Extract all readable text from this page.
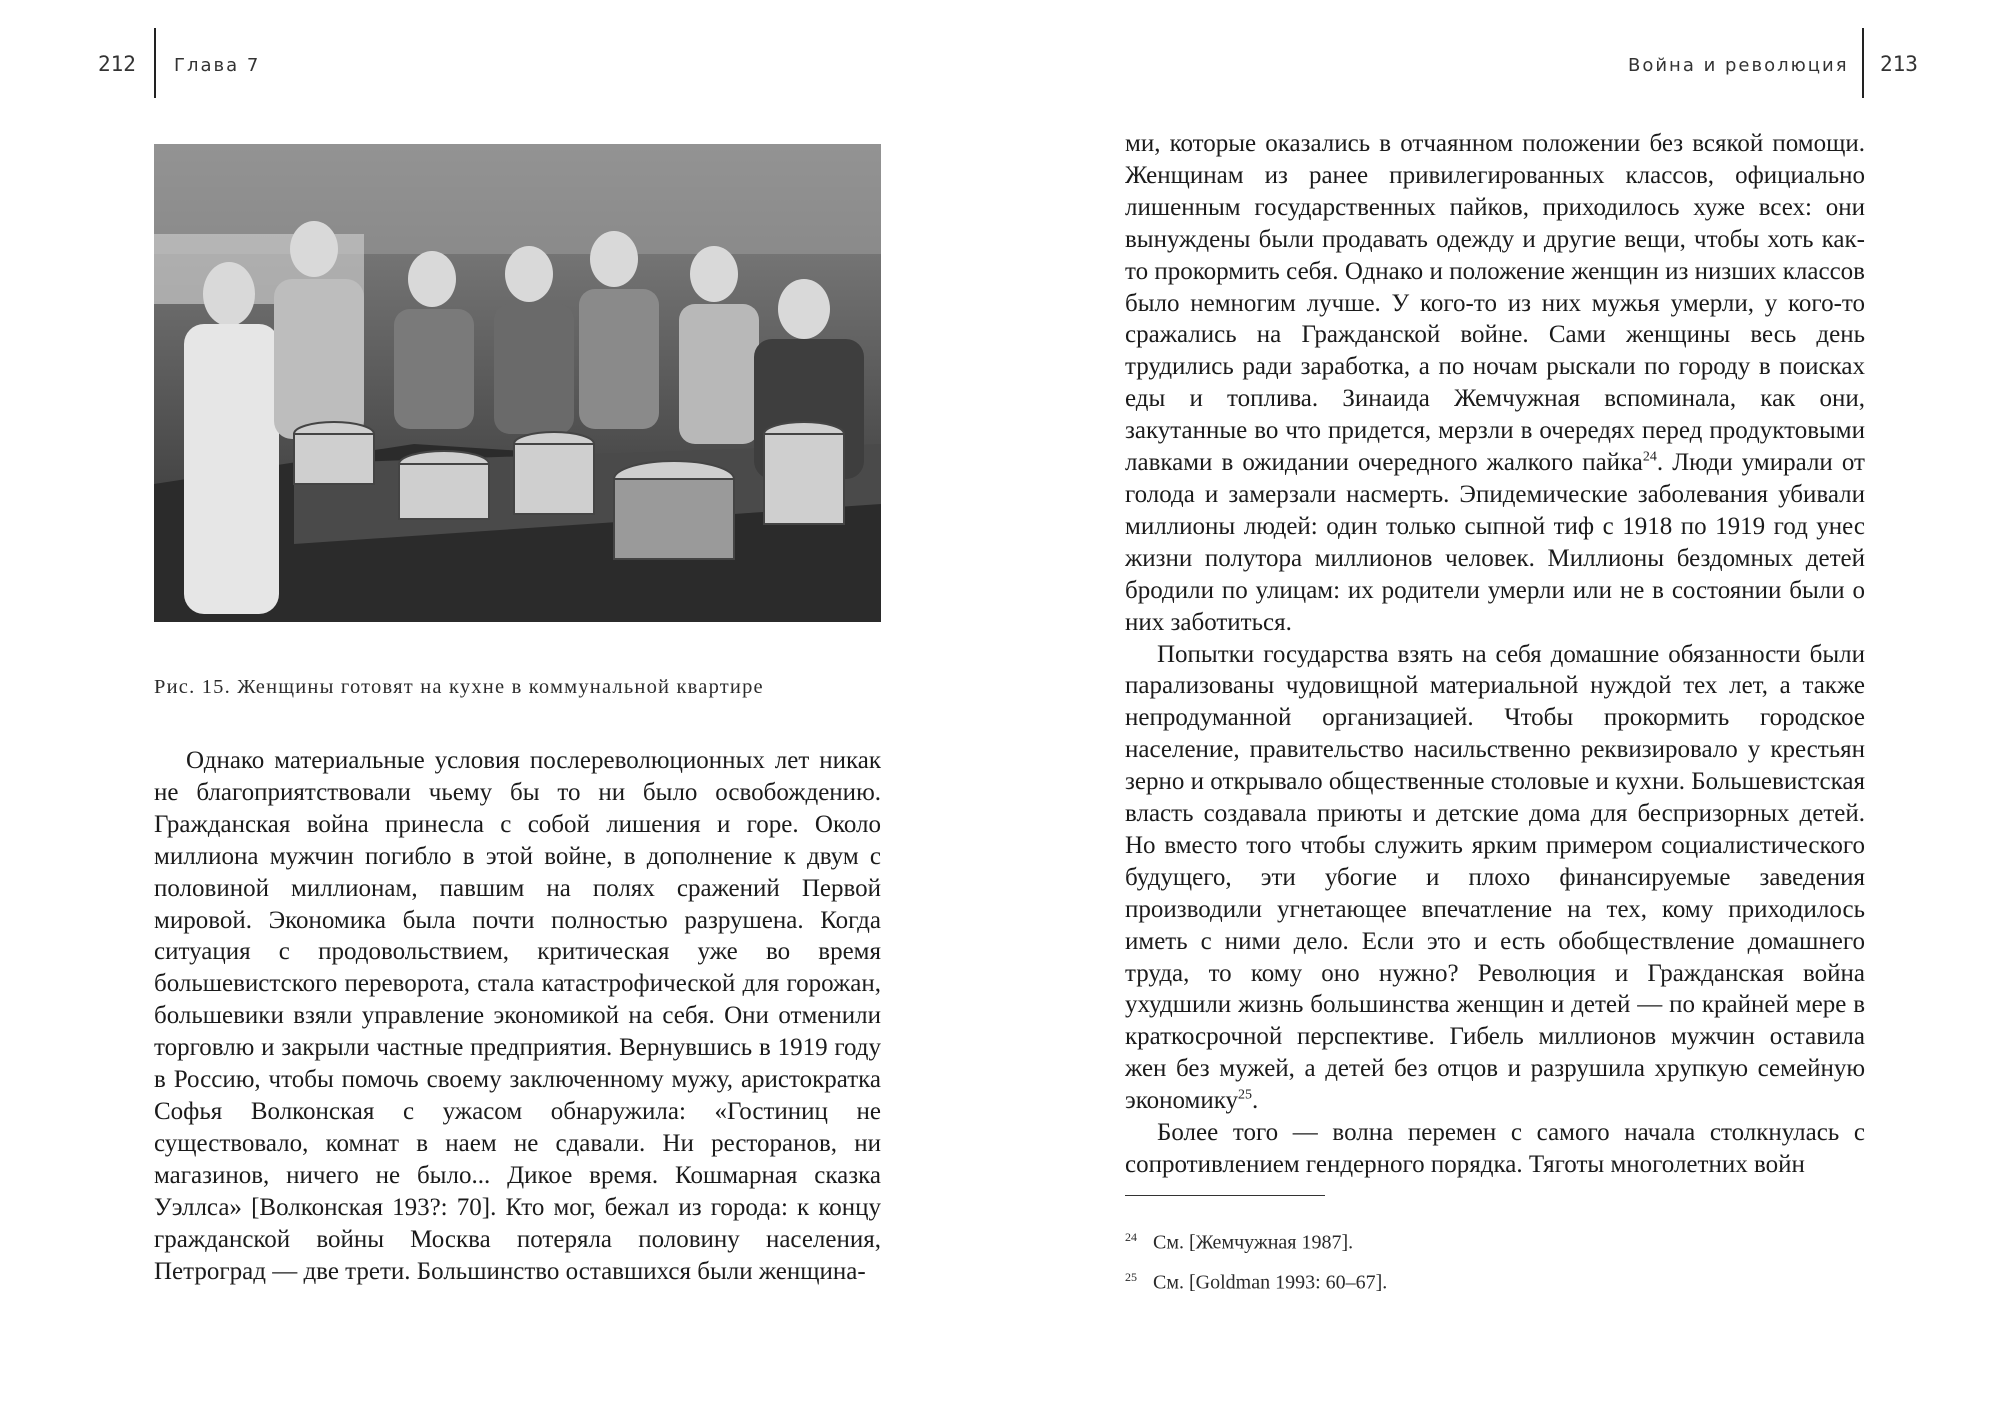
212 Глава 7
Рис. 15. Женщины готовят на кухне в коммунальной квартире

Однако материальные условия послереволюционных лет никак не благоприятствовали чьему бы то ни было освобождению. Гражданская война принесла с собой лишения и горе. Около миллиона мужчин погибло в этой войне, в дополнение к двум с половиной миллионам, павшим на полях сражений Первой мировой. Экономика была почти полностью разрушена. Когда ситуация с продовольствием, критическая уже во время большевистского переворота, стала катастрофической для горожан, большевики взяли управление экономикой на себя. Они отменили торговлю и закрыли частные предприятия. Вернувшись в 1919 году в Россию, чтобы помочь своему заключенному мужу, аристократка Софья Волконская с ужасом обнаружила: «Гостиниц не существовало, комнат в наем не сдавали. Ни ресторанов, ни магазинов, ничего не было... Дикое время. Кошмарная сказка Уэллса» [Волконская 193?: 70]. Кто мог, бежал из города: к концу гражданской войны Москва потеряла половину населения, Петроград — две трети. Большинство оставшихся были женщина-

Война и революция 213

ми, которые оказались в отчаянном положении без всякой помощи. Женщинам из ранее привилегированных классов, официально лишенным государственных пайков, приходилось хуже всех: они вынуждены были продавать одежду и другие вещи, чтобы хоть как-то прокормить себя. Однако и положение женщин из низших классов было немногим лучше. У кого-то из них мужья умерли, у кого-то сражались на Гражданской войне. Сами женщины весь день трудились ради заработка, а по ночам рыскали по городу в поисках еды и топлива. Зинаида Жемчужная вспоминала, как они, закутанные во что придется, мерзли в очередях перед продуктовыми лавками в ожидании очередного жалкого пайка$^{24}$. Люди умирали от голода и замерзали насмерть. Эпидемические заболевания убивали миллионы людей: один только сыпной тиф с 1918 по 1919 год унес жизни полутора миллионов человек. Миллионы бездомных детей бродили по улицам: их родители умерли или не в состоянии были о них заботиться.

Попытки государства взять на себя домашние обязанности были парализованы чудовищной материальной нуждой тех лет, а также непродуманной организацией. Чтобы прокормить городское население, правительство насильственно реквизировало у крестьян зерно и открывало общественные столовые и кухни. Большевистская власть создавала приюты и детские дома для беспризорных детей. Но вместо того чтобы служить ярким примером социалистического будущего, эти убогие и плохо финансируемые заведения производили угнетающее впечатление на тех, кому приходилось иметь с ними дело. Если это и есть обобществление домашнего труда, то кому оно нужно? Революция и Гражданская война ухудшили жизнь большинства женщин и детей — по крайней мере в краткосрочной перспективе. Гибель миллионов мужчин оставила жен без мужей, а детей без отцов и разрушила хрупкую семейную экономику$^{25}$.

Более того — волна перемен с самого начала столкнулась с сопротивлением гендерного порядка. Тяготы многолетних войн

$^{24}$ См. [Жемчужная 1987].
$^{25}$ См. [Goldman 1993: 60–67].
